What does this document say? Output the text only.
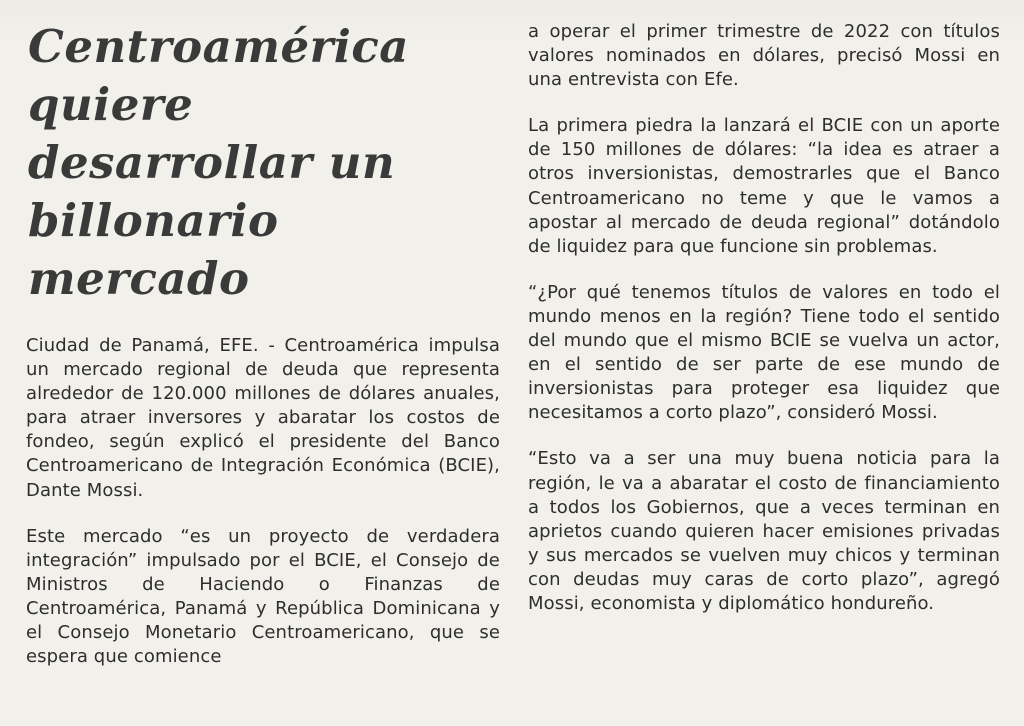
Centroamérica quiere desarrollar un billonario mercado

Ciudad de Panamá, EFE. - Centroamérica impulsa un mercado regional de deuda que representa alrededor de 120.000 millones de dólares anuales, para atraer inversores y abaratar los costos de fondeo, según explicó el presidente del Banco Centroamericano de Integración Económica (BCIE), Dante Mossi.

Este mercado “es un proyecto de verdadera integración” impulsado por el BCIE, el Consejo de Ministros de Haciendo o Finanzas de Centroamérica, Panamá y República Dominicana y el Consejo Monetario Centroamericano, que se espera que comience

a operar el primer trimestre de 2022 con títulos valores nominados en dólares, precisó Mossi en una entrevista con Efe.

La primera piedra la lanzará el BCIE con un aporte de 150 millones de dólares: “la idea es atraer a otros inversionistas, demostrarles que el Banco Centroamericano no teme y que le vamos a apostar al mercado de deuda regional” dotándolo de liquidez para que funcione sin problemas.

“¿Por qué tenemos títulos de valores en todo el mundo menos en la región? Tiene todo el sentido del mundo que el mismo BCIE se vuelva un actor, en el sentido de ser parte de ese mundo de inversionistas para proteger esa liquidez que necesitamos a corto plazo”, consideró Mossi.

“Esto va a ser una muy buena noticia para la región, le va a abaratar el costo de financiamiento a todos los Gobiernos, que a veces terminan en aprietos cuando quieren hacer emisiones privadas y sus mercados se vuelven muy chicos y terminan con deudas muy caras de corto plazo”, agregó Mossi, economista y diplomático hondureño.
